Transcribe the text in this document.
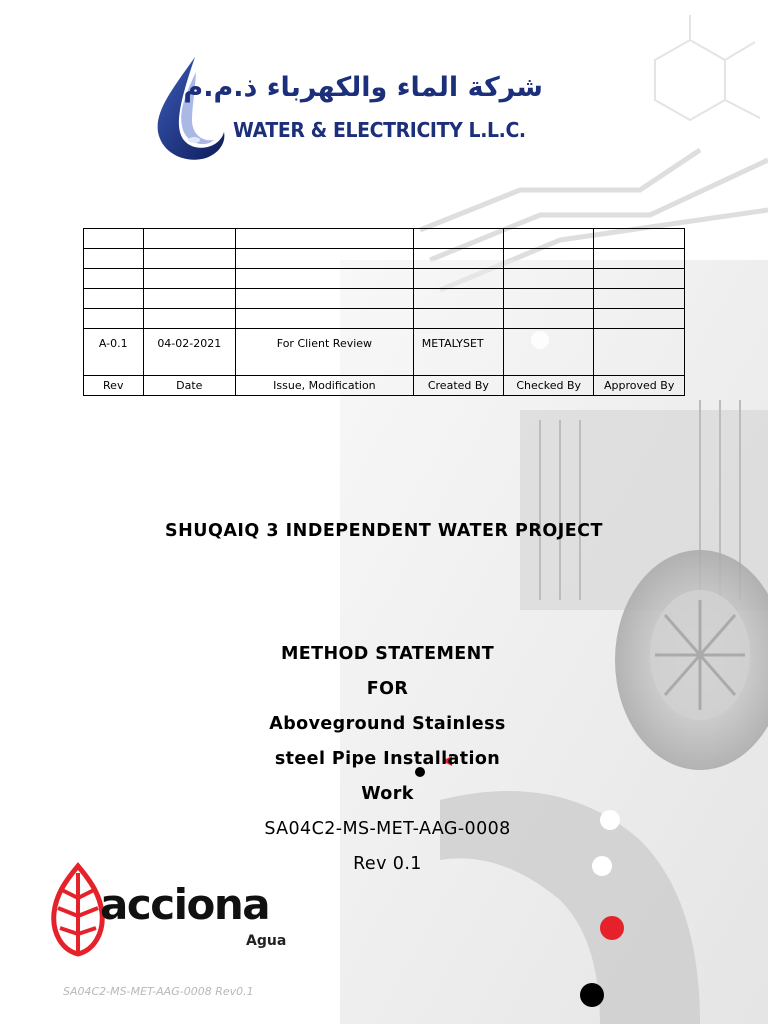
شركة الماء والكهرباء ذ.م.م
WATER & ELECTRICITY L.L.C.

A-0.1	04-02-2021	For Client Review	METALYSET		
Rev	Date	Issue, Modification	Created By	Checked By	Approved By
SHUQAIQ 3 INDEPENDENT WATER PROJECT
METHOD STATEMENT
FOR
Aboveground Stainless
steel Pipe Installation
Work
SA04C2-MS-MET-AAG-0008
Rev 0.1
acciona
Agua
SA04C2-MS-MET-AAG-0008 Rev0.1
